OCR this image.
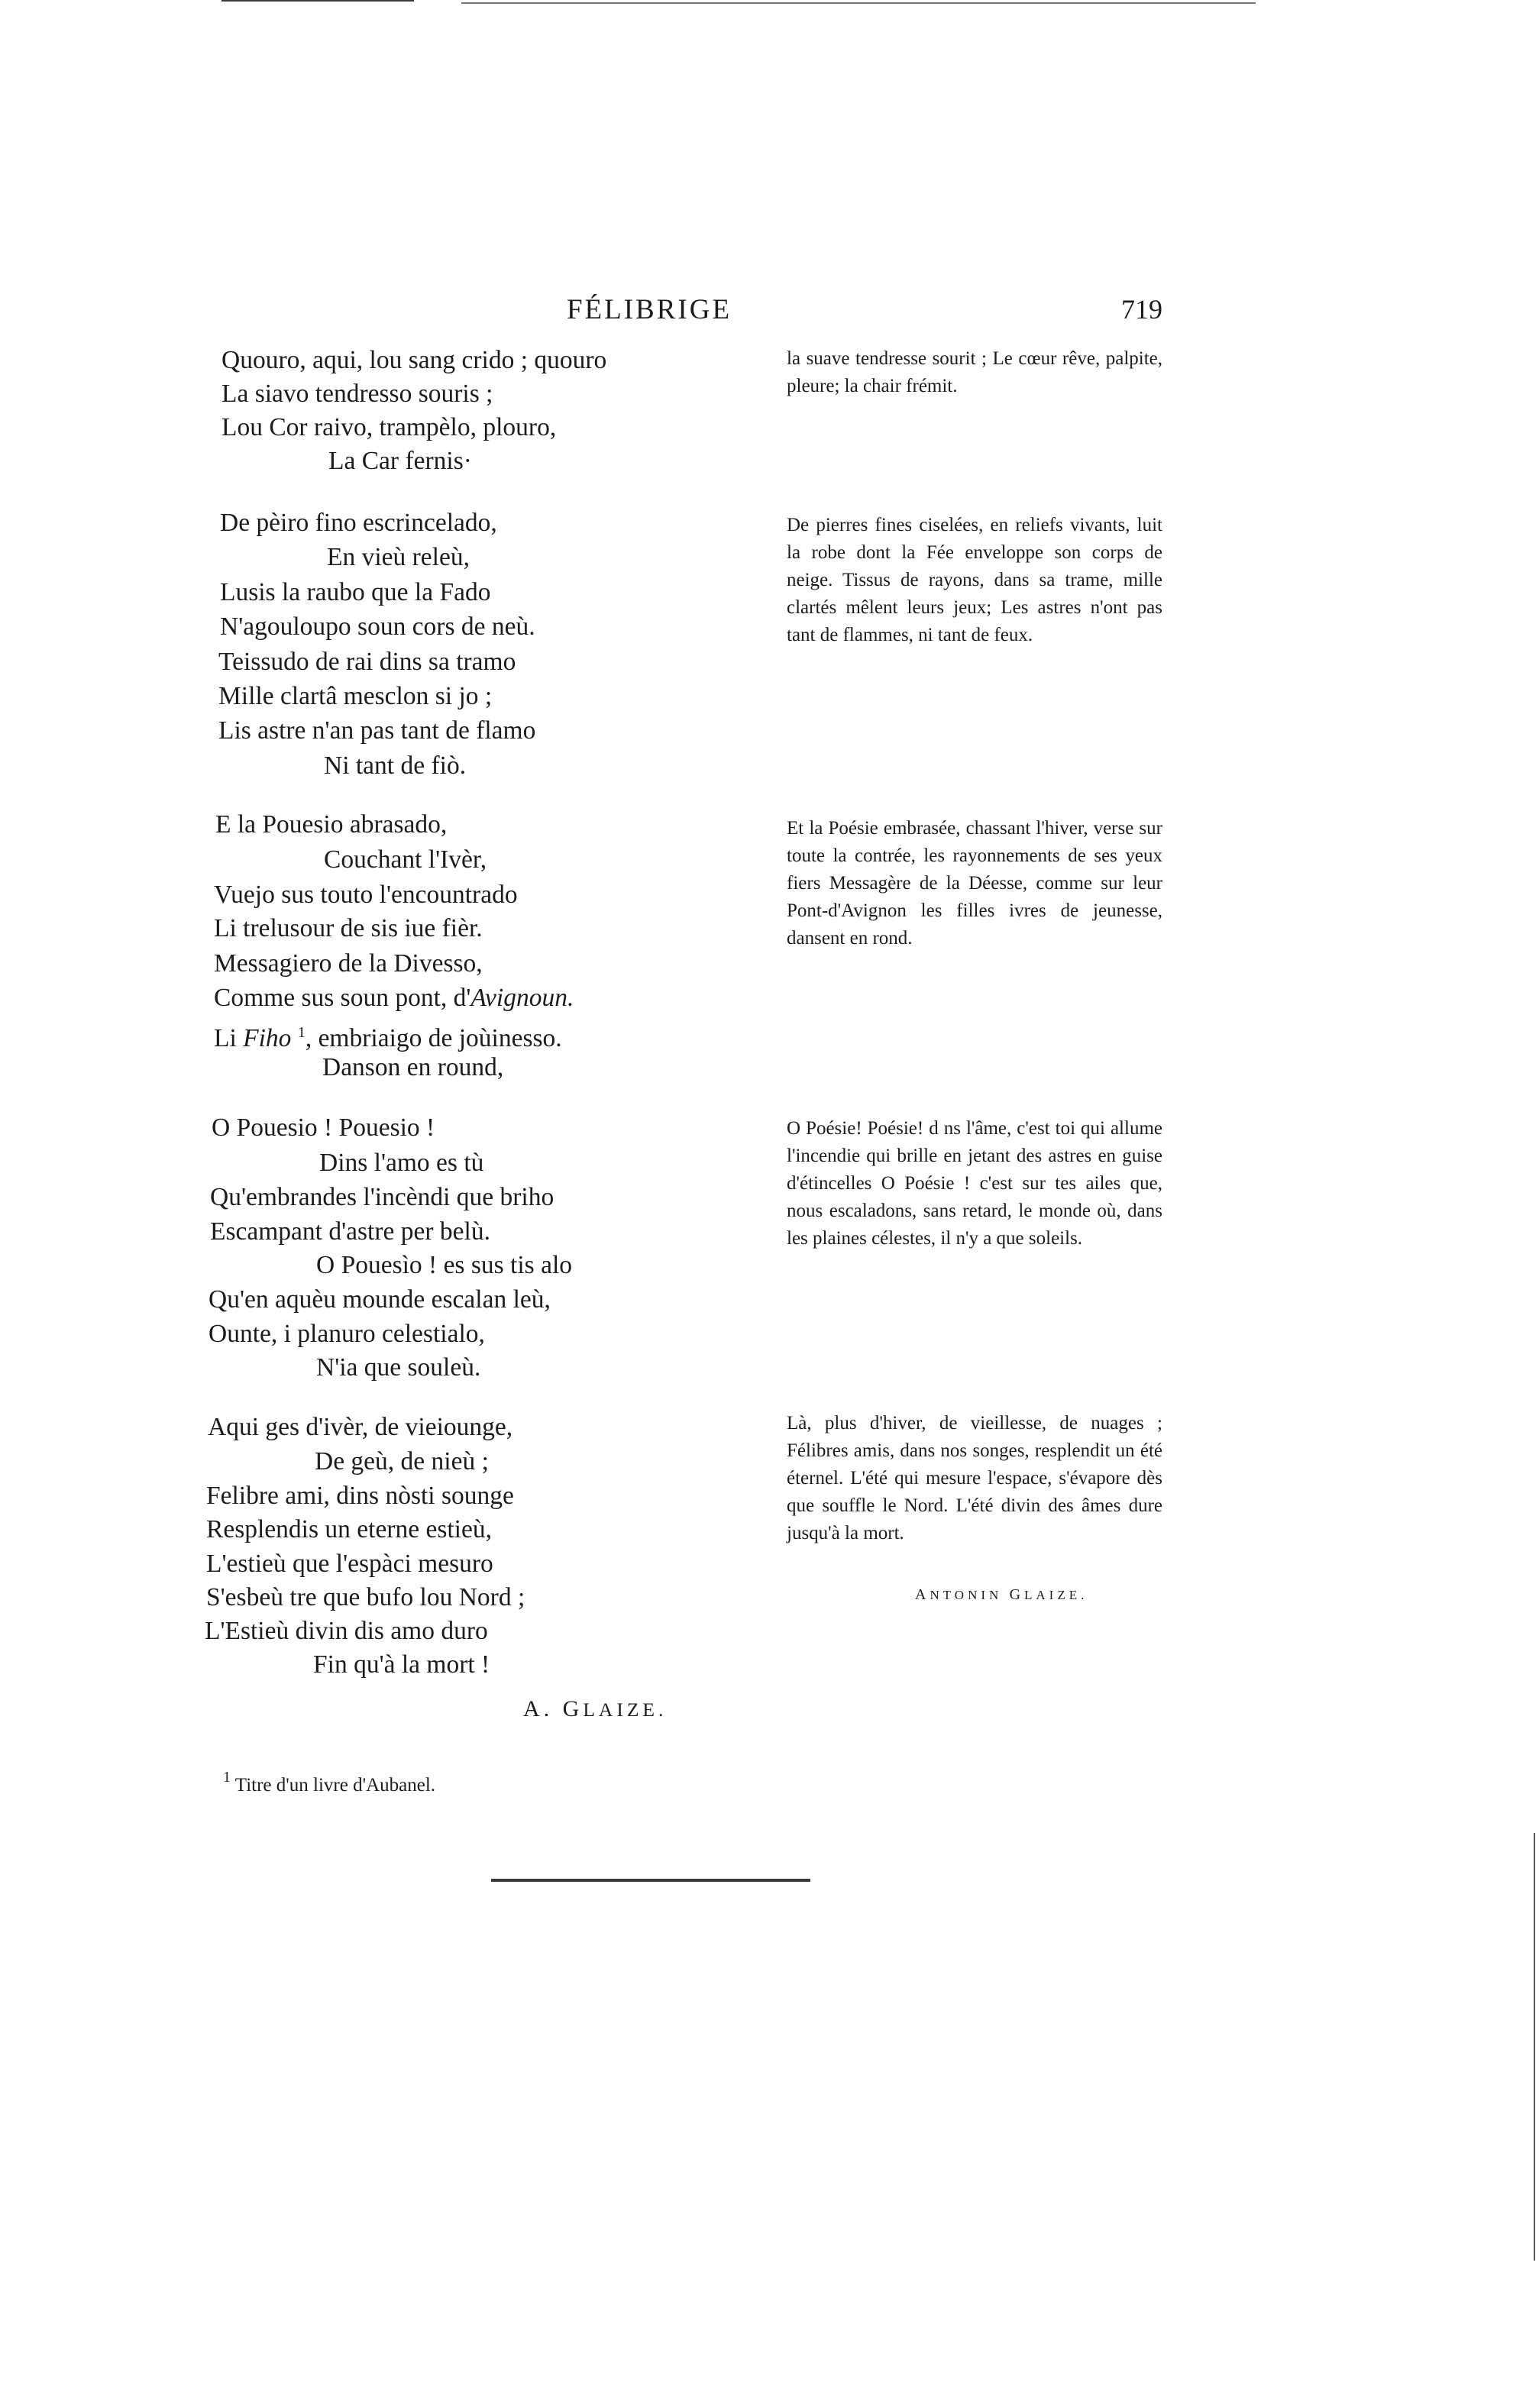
FÉLIBRIGE	719
Quouro, aqui, lou sang crido ; quouro
La siavo tendresso souris ;
Lou Cor raivo, trampèlo, plouro,
La Car fernis·
De pèiro fino escrincelado,
En vieù releù,
Lusis la raubo que la Fado
N'agouloupo soun cors de neù.
Teissudo de rai dins sa tramo
Mille clartâ mesclon si jo ;
Lis astre n'an pas tant de flamo
Ni tant de fiò.
E la Pouesio abrasado,
Couchant l'Ivèr,
Vuejo sus touto l'encountrado
Li trelusour de sis iue fièr.
Messagiero de la Divesso,
Comme sus soun pont, d'Avignoun.
Li Fiho $^1$, embriaigo de joùinesso.
Danson en round,
O Pouesio ! Pouesio !
Dins l'amo es tù
Qu'embrandes l'incèndi que briho
Escampant d'astre per belù.
O Pouesìo ! es sus tis alo
Qu'en aquèu mounde escalan leù,
Ounte, i planuro celestialo,
N'ia que souleù.
Aqui ges d'ivèr, de vieiounge,
De geù, de nieù ;
Felibre ami, dins nòsti sounge
Resplendis un eterne estieù,
L'estieù que l'espàci mesuro
S'esbeù tre que bufo lou Nord ;
L'Estieù divin dis amo duro
Fin qu'à la mort !
A. GLAIZE.
la suave tendresse sourit ; Le cœur rêve, palpite, pleure; la chair frémit.
De pierres fines ciselées, en reliefs vivants, luit la robe dont la Fée enveloppe son corps de neige. Tissus de rayons, dans sa trame, mille clartés mêlent leurs jeux; Les astres n'ont pas tant de flammes, ni tant de feux.
Et la Poésie embrasée, chassant l'hiver, verse sur toute la contrée, les rayonnements de ses yeux fiers Messagère de la Déesse, comme sur leur Pont-d'Avignon les filles ivres de jeunesse, dansent en rond.
O Poésie! Poésie! d ns l'âme, c'est toi qui allume l'incendie qui brille en jetant des astres en guise d'étincelles O Poésie ! c'est sur tes ailes que, nous escaladons, sans retard, le monde où, dans les plaines célestes, il n'y a que soleils.
Là, plus d'hiver, de vieillesse, de nuages ; Félibres amis, dans nos songes, resplendit un été éternel. L'été qui mesure l'espace, s'évapore dès que souffle le Nord. L'été divin des âmes dure jusqu'à la mort.
ANTONIN GLAIZE.
$^1$ Titre d'un livre d'Aubanel.
